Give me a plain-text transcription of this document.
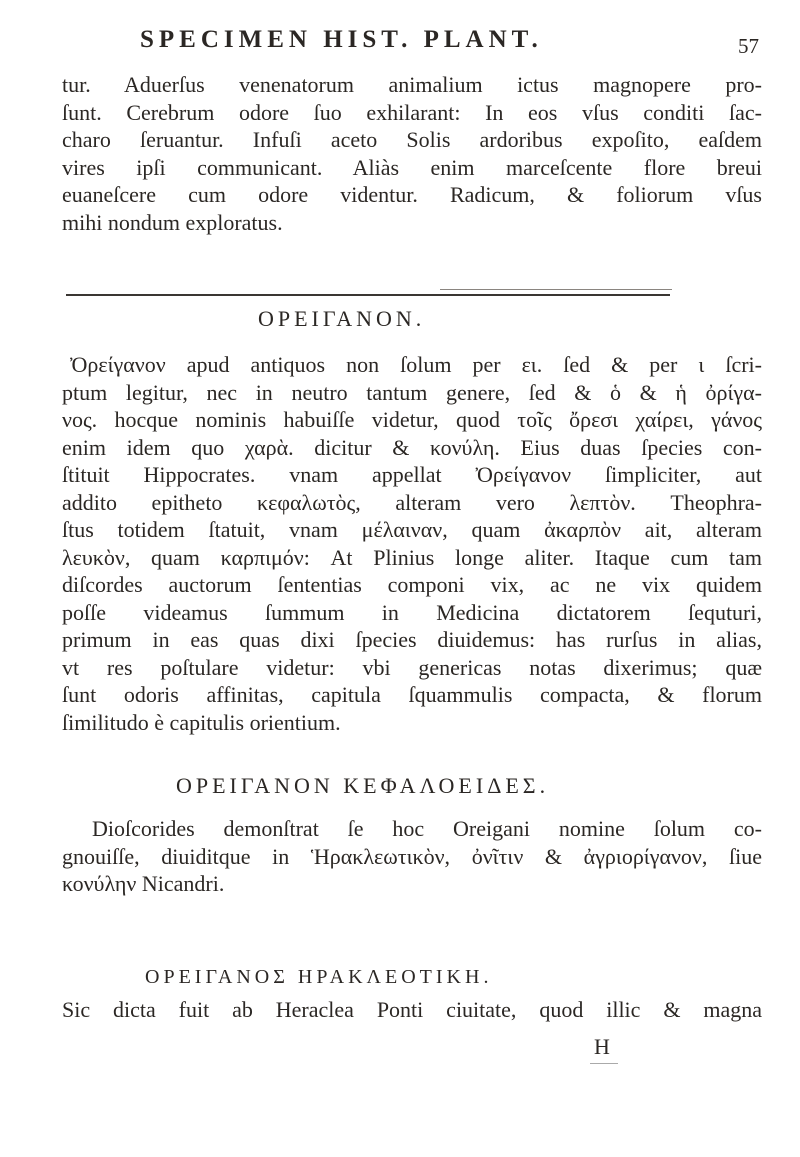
SPECIMEN HIST. PLANT.	57
tur. Aduerſus venenatorum animalium ictus magnopere pro-
ſunt. Cerebrum odore ſuo exhilarant: In eos vſus conditi ſac-
charo ſeruantur. Infuſi aceto Solis ardoribus expoſito, eaſdem
vires ipſi communicant. Aliàs enim marceſcente flore breui
euaneſcere cum odore videntur. Radicum, & foliorum vſus
mihi nondum exploratus.
ΟΡΕΙΓΑΝΟΝ.
Ὀρείγανον apud antiquos non ſolum per ει. ſed & per ι ſcri-
ptum legitur, nec in neutro tantum genere, ſed & ὁ & ἡ ὀρίγα-
νος. hocque nominis habuiſſe videtur, quod τοῖς ὄρεσι χαίρει, γάνος
enim idem quo χαρὰ. dicitur & κονύλη. Eius duas ſpecies con-
ſtituit Hippocrates. vnam appellat Ὀρείγανον ſimpliciter, aut
addito epitheto κεφαλωτὸς, alteram vero λεπτὸν. Theophra-
ſtus totidem ſtatuit, vnam μέλαιναν, quam ἀκαρπὸν ait, alteram
λευκὸν, quam καρπιμόν: At Plinius longe aliter. Itaque cum tam
diſcordes auctorum ſententias componi vix, ac ne vix quidem
poſſe videamus ſummum in Medicina dictatorem ſequturi,
primum in eas quas dixi ſpecies diuidemus: has rurſus in alias,
vt res poſtulare videtur: vbi genericas notas dixerimus; quæ
ſunt odoris affinitas, capitula ſquammulis compacta, & florum
ſimilitudo è capitulis orientium.
ΟΡΕΙΓΑΝΟΝ ΚΕΦΑΛΟΕΙΔΕΣ.
Dioſcorides demonſtrat ſe hoc Oreigani nomine ſolum co-
gnouiſſe, diuiditque in Ἡρακλεωτικὸν, ὀνῖτιν & ἀγριορίγανον, ſiue
κονύλην Nicandri.
ΟΡΕΙΓΑΝΟΣ ΗΡΑΚΛΕΟΤΙΚΗ.
Sic dicta fuit ab Heraclea Ponti ciuitate, quod illic & magna
H
